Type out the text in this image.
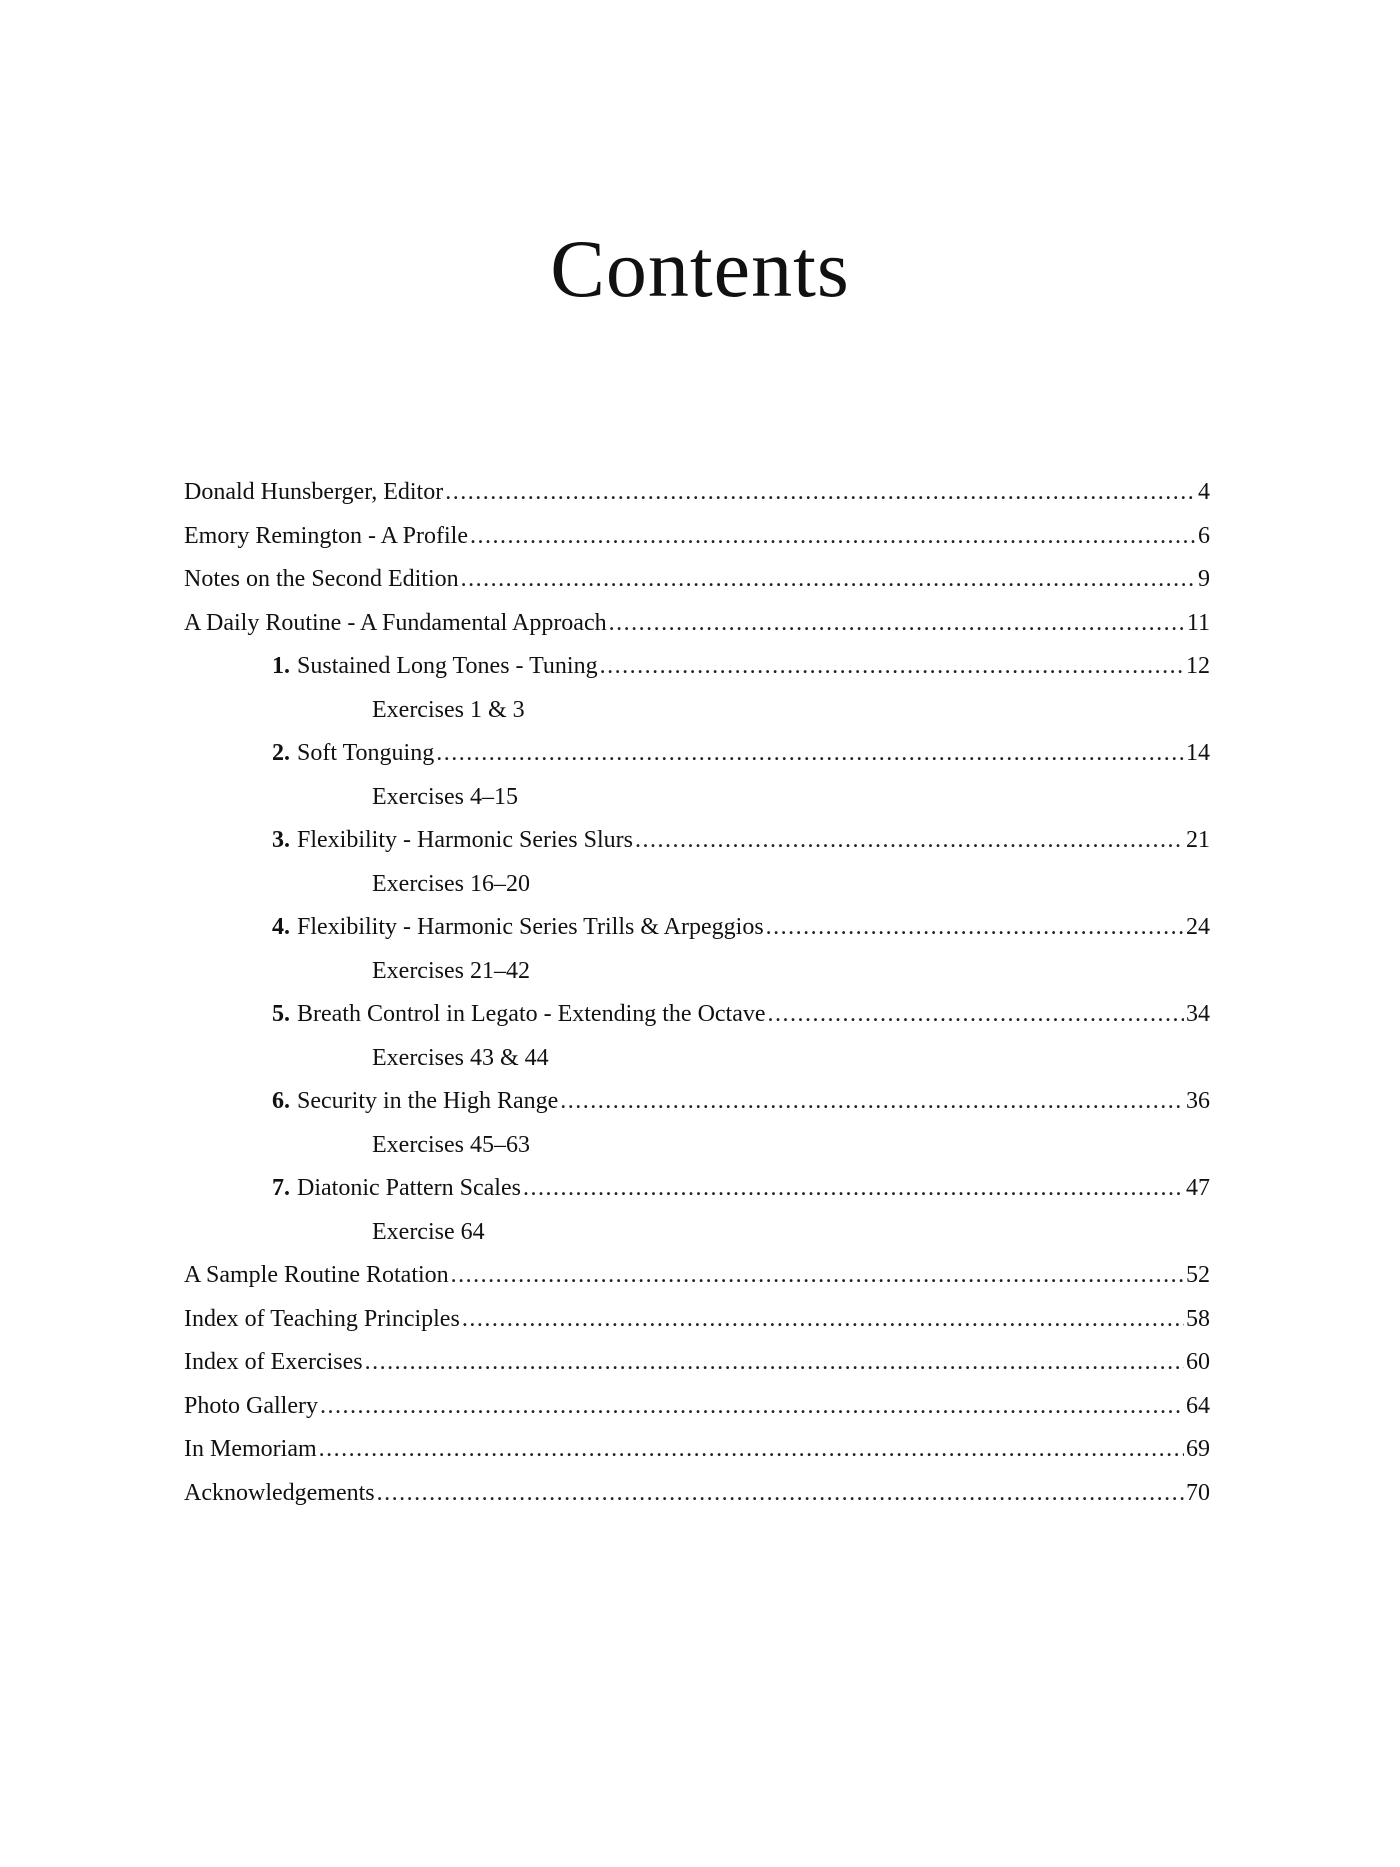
Contents
Donald Hunsberger, Editor .....	4
Emory Remington - A Profile .....	6
Notes on the Second Edition .....	9
A Daily Routine - A Fundamental Approach .....	11
1. Sustained Long Tones - Tuning .....	12
Exercises 1 & 3
2. Soft Tonguing .....	14
Exercises 4–15
3. Flexibility - Harmonic Series Slurs .....	21
Exercises 16–20
4. Flexibility - Harmonic Series Trills & Arpeggios .....	24
Exercises 21–42
5. Breath Control in Legato - Extending the Octave .....	34
Exercises 43 & 44
6. Security in the High Range .....	36
Exercises 45–63
7. Diatonic Pattern Scales .....	47
Exercise 64
A Sample Routine Rotation .....	52
Index of Teaching Principles .....	58
Index of Exercises .....	60
Photo Gallery .....	64
In Memoriam .....	69
Acknowledgements .....	70
